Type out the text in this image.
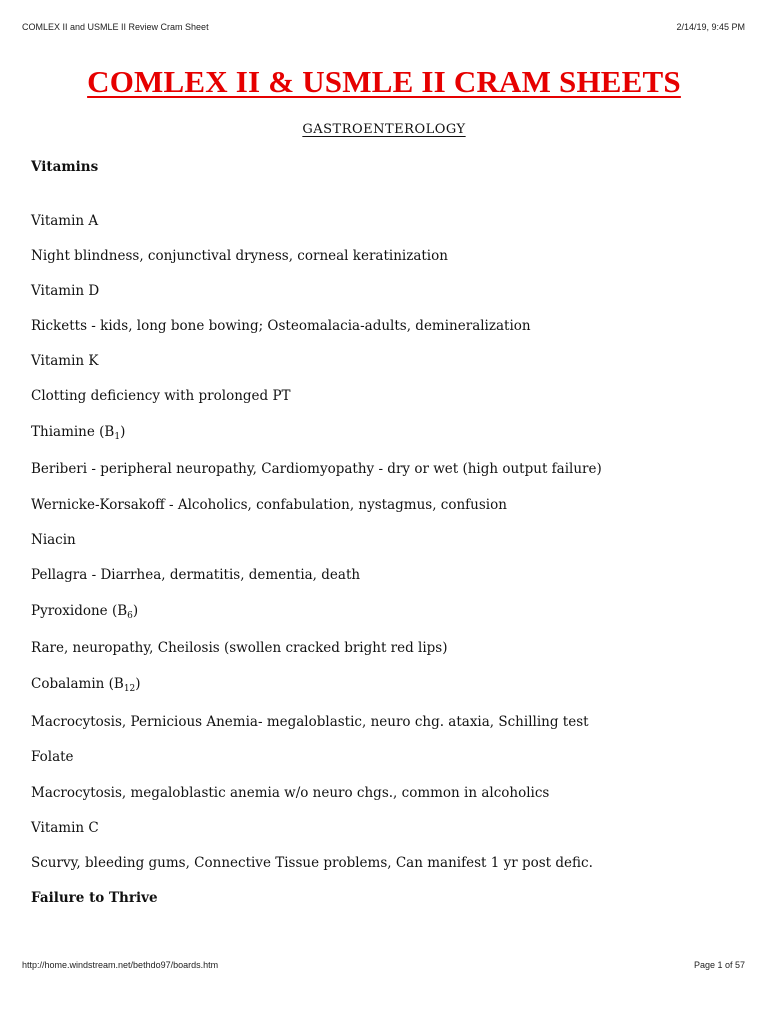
COMLEX II and USMLE II Review Cram Sheet	2/14/19, 9:45 PM
COMLEX II & USMLE II CRAM SHEETS
GASTROENTEROLOGY
Vitamins
Vitamin A
Night blindness, conjunctival dryness, corneal keratinization
Vitamin D
Ricketts - kids, long bone bowing; Osteomalacia-adults, demineralization
Vitamin K
Clotting deficiency with prolonged PT
Thiamine $(B_1)$
Beriberi - peripheral neuropathy, Cardiomyopathy - dry or wet (high output failure)
Wernicke-Korsakoff - Alcoholics, confabulation, nystagmus, confusion
Niacin
Pellagra - Diarrhea, dermatitis, dementia, death
Pyroxidone $(B_6)$
Rare, neuropathy, Cheilosis (swollen cracked bright red lips)
Cobalamin $(B_{12})$
Macrocytosis, Pernicious Anemia- megaloblastic, neuro chg. ataxia, Schilling test
Folate
Macrocytosis, megaloblastic anemia w/o neuro chgs., common in alcoholics
Vitamin C
Scurvy, bleeding gums, Connective Tissue problems, Can manifest 1 yr post defic.
Failure to Thrive
http://home.windstream.net/bethdo97/boards.htm	Page 1 of 57
